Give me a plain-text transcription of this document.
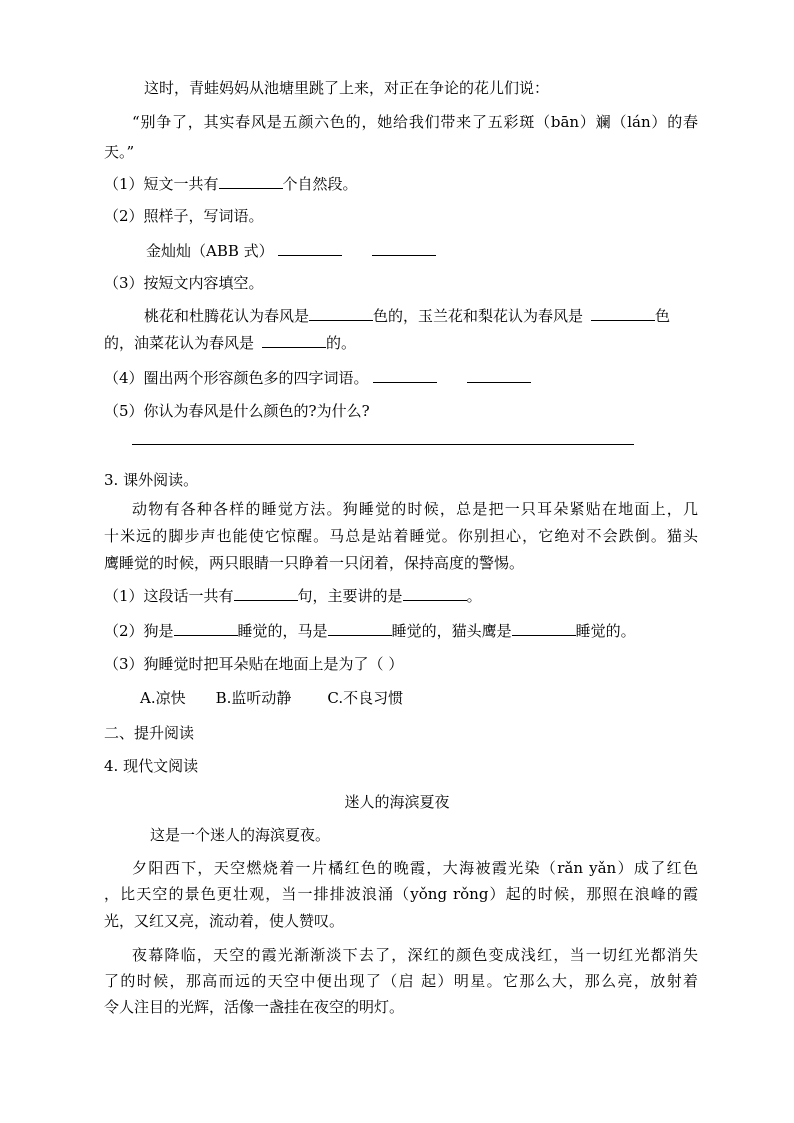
这时，青蛙妈妈从池塘里跳了上来，对正在争论的花儿们说：
“别争了，其实春风是五颜六色的，她给我们带来了五彩斑（bān）斓（lán）的春
天。”
（1）短文一共有	个自然段。
（2）照样子，写词语。
金灿灿（ABB 式）
（3）按短文内容填空。
桃花和杜腾花认为春风是	色的，玉兰花和梨花认为春风是	色
的，油菜花认为春风是	的。
（4）圈出两个形容颜色多的四字词语。
（5）你认为春风是什么颜色的?为什么?
3. 课外阅读。
动物有各种各样的睡觉方法。狗睡觉的时候，总是把一只耳朵紧贴在地面上，几
十米远的脚步声也能使它惊醒。马总是站着睡觉。你别担心，它绝对不会跌倒。猫头
鹰睡觉的时候，两只眼睛一只睁着一只闭着，保持高度的警惕。
（1）这段话一共有	句，主要讲的是	。
（2）狗是	睡觉的，马是	睡觉的，猫头鹰是	睡觉的。
（3）狗睡觉时把耳朵贴在地面上是为了（ ）
A.凉快 B.监听动静 C.不良习惯
二、提升阅读
4. 现代文阅读
迷人的海滨夏夜
这是一个迷人的海滨夏夜。
夕阳西下，天空燃烧着一片橘红色的晚霞，大海被霞光染（rǎn yǎn）成了红色
，比天空的景色更壮观，当一排排波浪涌（yǒng rǒng）起的时候，那照在浪峰的霞
光，又红又亮，流动着，使人赞叹。
夜幕降临，天空的霞光渐渐淡下去了，深红的颜色变成浅红，当一切红光都消失
了的时候，那高而远的天空中便出现了（启 起）明星。它那么大，那么亮，放射着
令人注目的光辉，活像一盏挂在夜空的明灯。
